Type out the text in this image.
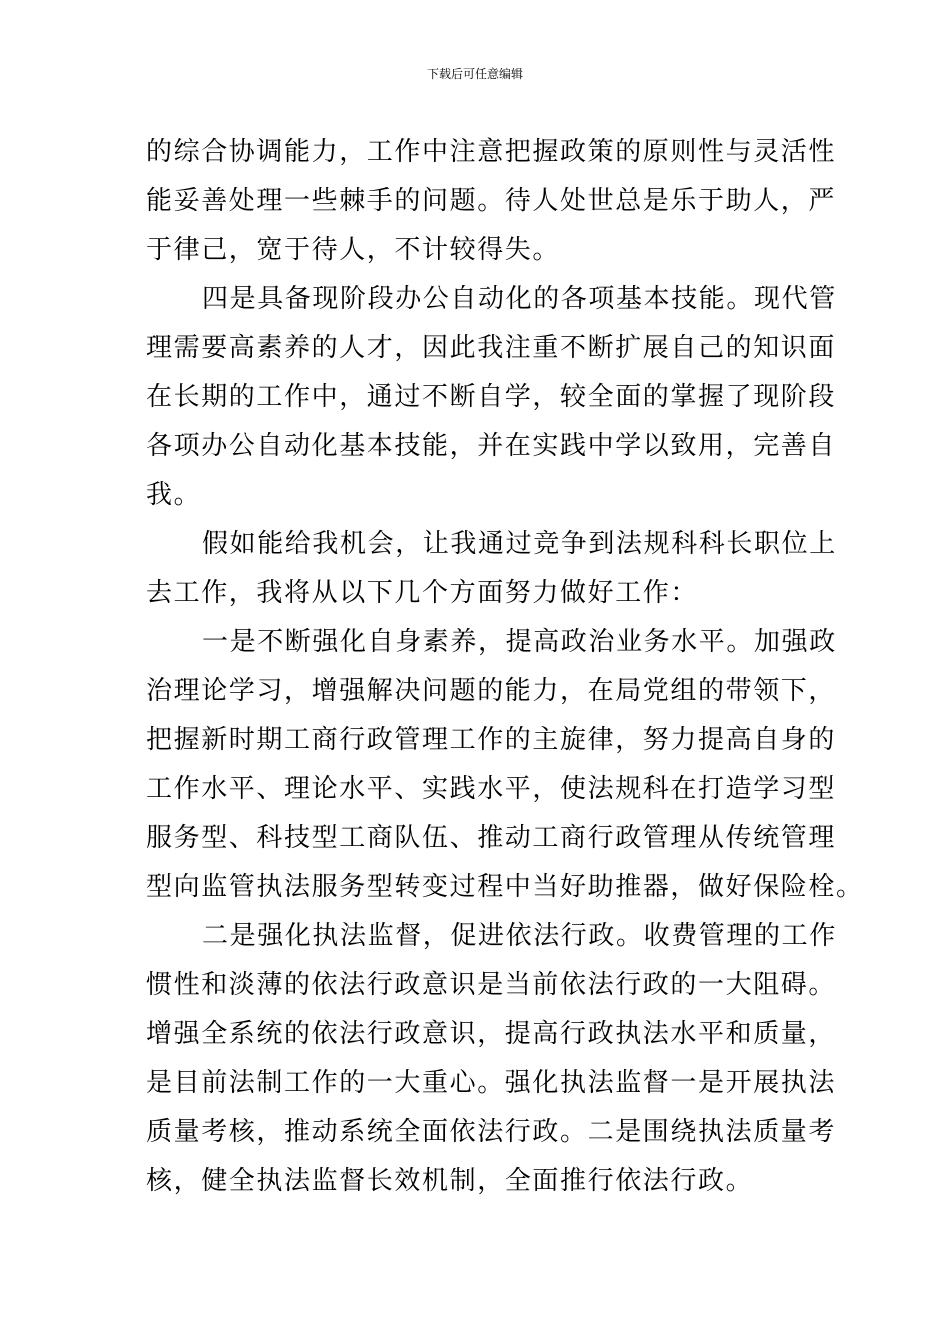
下载后可任意编辑
的综合协调能力，工作中注意把握政策的原则性与灵活性
能妥善处理一些棘手的问题。待人处世总是乐于助人，严
于律己，宽于待人，不计较得失。
四是具备现阶段办公自动化的各项基本技能。现代管
理需要高素养的人才，因此我注重不断扩展自己的知识面
在长期的工作中，通过不断自学，较全面的掌握了现阶段
各项办公自动化基本技能，并在实践中学以致用，完善自
我。
假如能给我机会，让我通过竞争到法规科科长职位上
去工作，我将从以下几个方面努力做好工作：
一是不断强化自身素养，提高政治业务水平。加强政
治理论学习，增强解决问题的能力，在局党组的带领下，
把握新时期工商行政管理工作的主旋律，努力提高自身的
工作水平、理论水平、实践水平，使法规科在打造学习型
服务型、科技型工商队伍、推动工商行政管理从传统管理
型向监管执法服务型转变过程中当好助推器，做好保险栓。
二是强化执法监督，促进依法行政。收费管理的工作
惯性和淡薄的依法行政意识是当前依法行政的一大阻碍。
增强全系统的依法行政意识，提高行政执法水平和质量，
是目前法制工作的一大重心。强化执法监督一是开展执法
质量考核，推动系统全面依法行政。二是围绕执法质量考
核，健全执法监督长效机制，全面推行依法行政。
